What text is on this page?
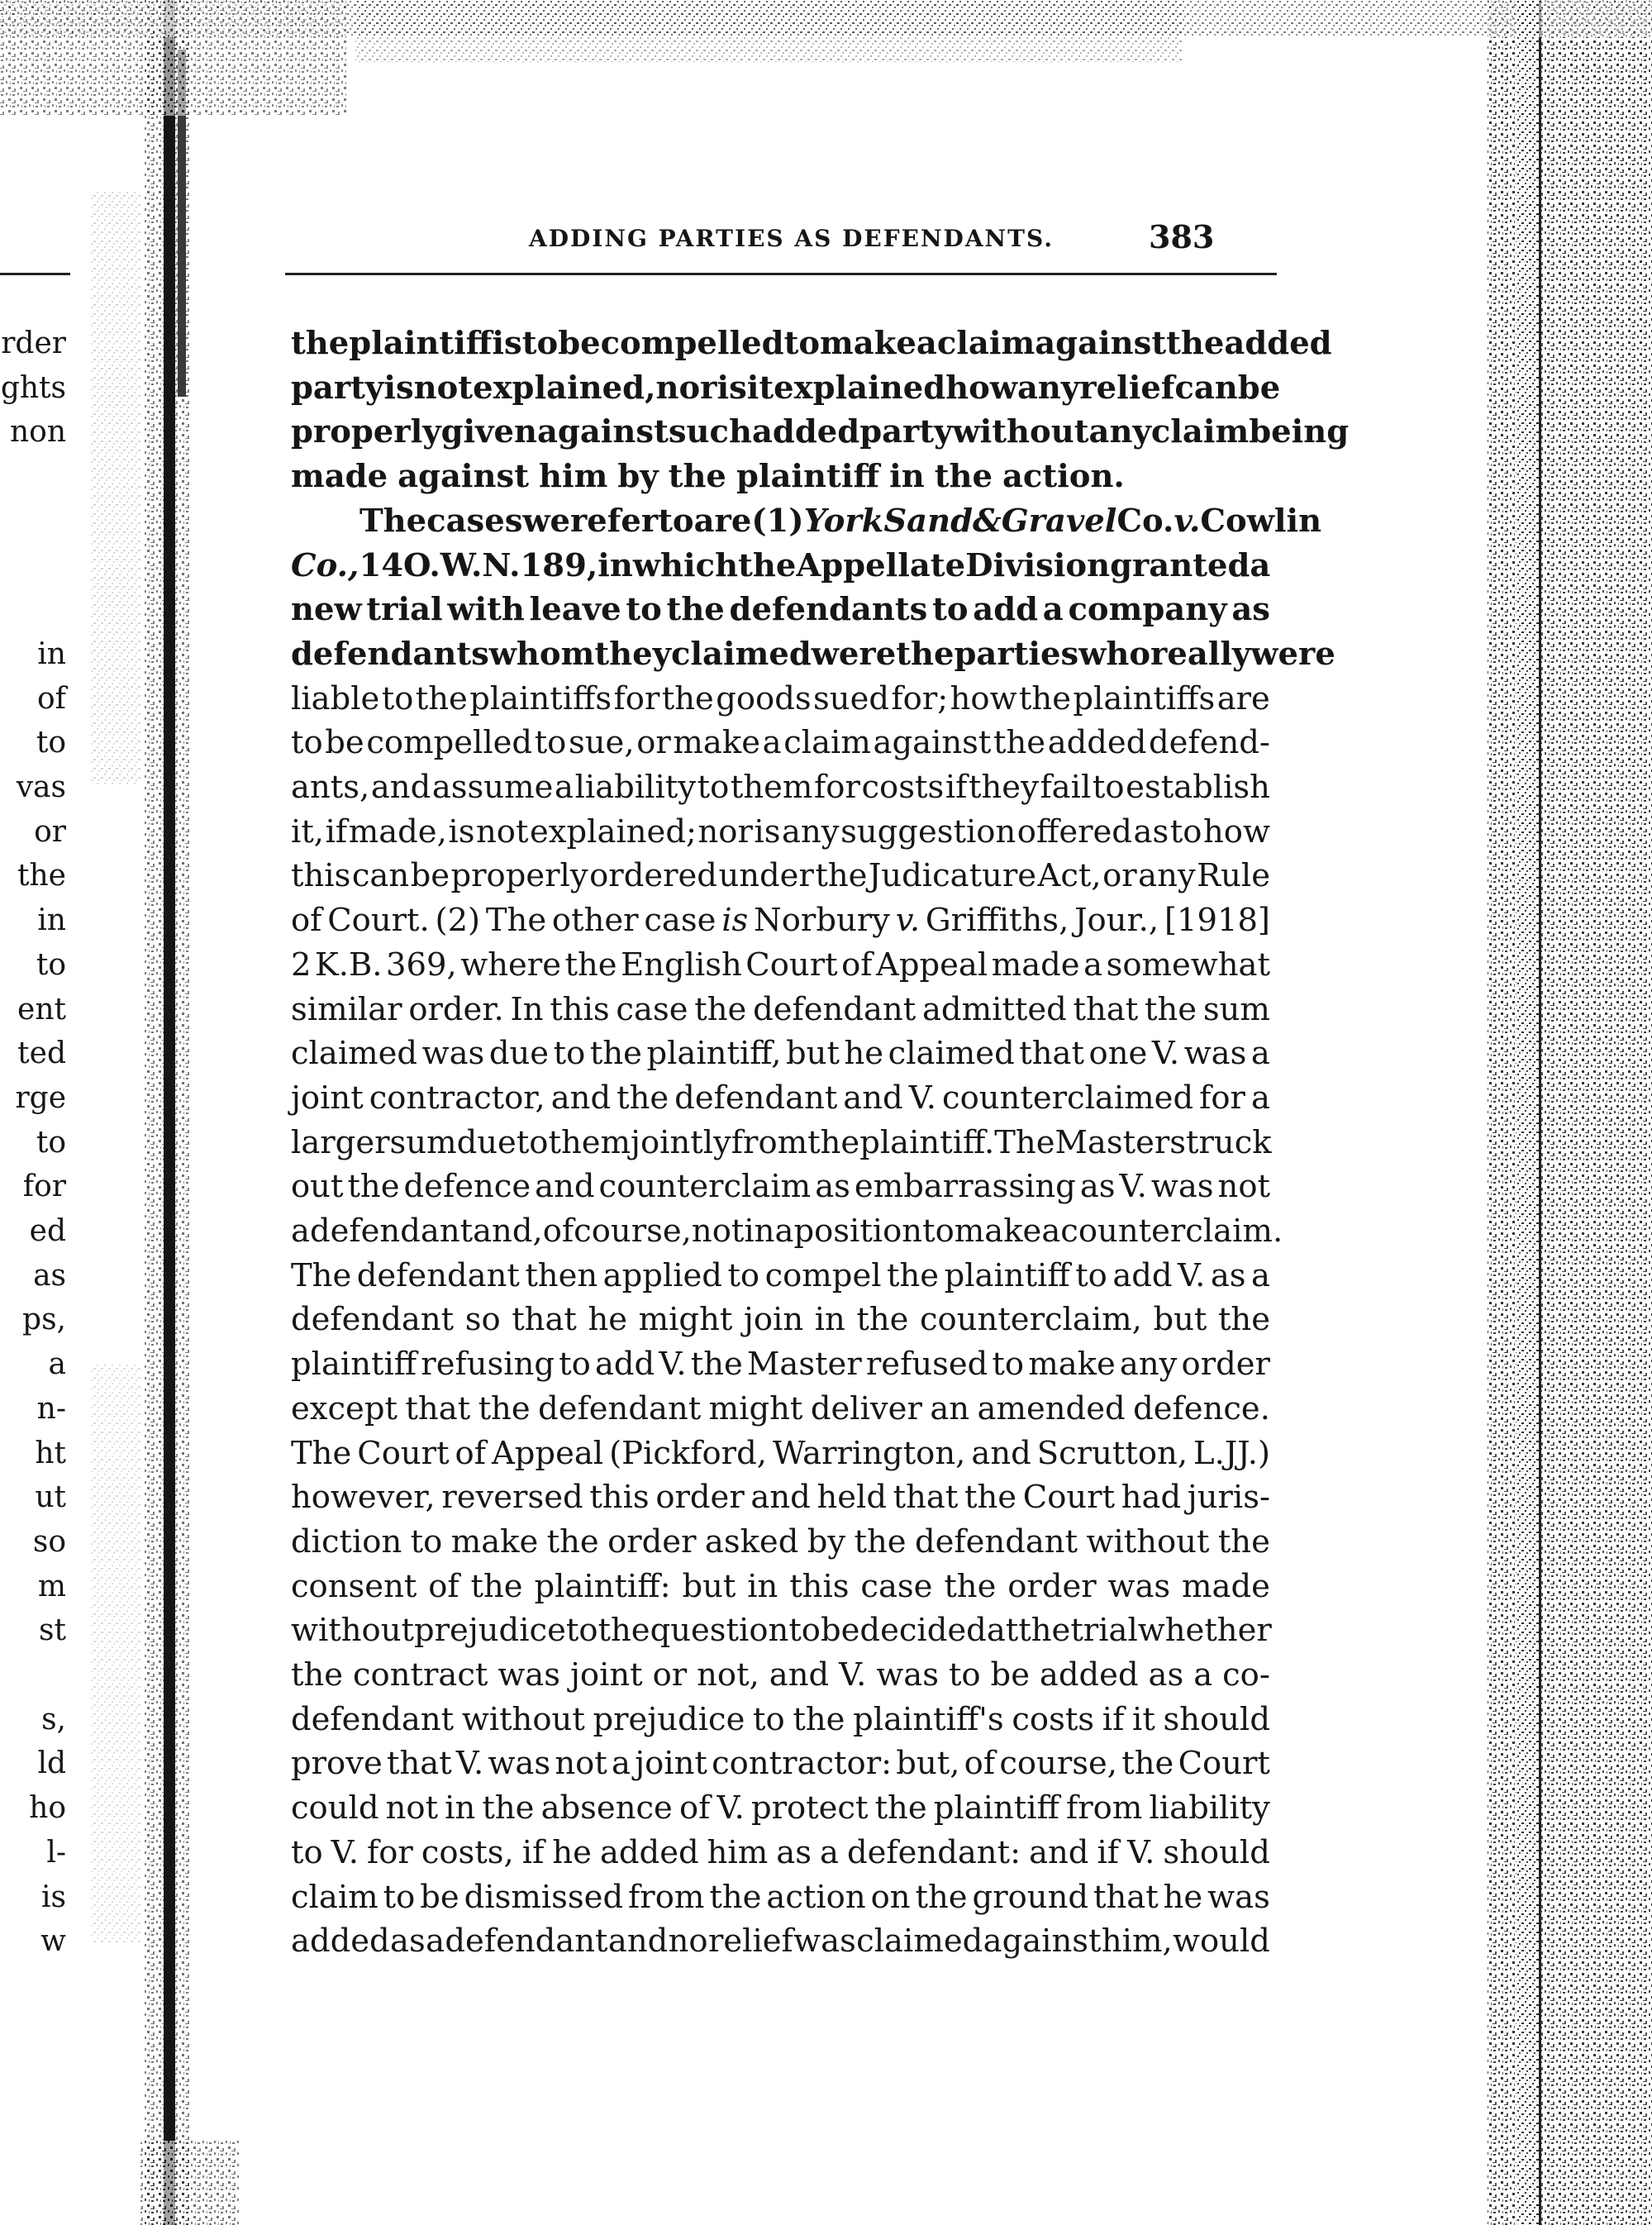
ADDING PARTIES AS DEFENDANTS.	383
rder
ghts
non
in
of
to
vas
or
the
in
to
ent
ted
rge
to
for
ed
as
ps,
a
n-
ht
ut
so
m
st
s,
ld
ho
l-
is
w
the plaintiff is to be compelled to make a claim against the added
party is not explained, nor is it explained how any relief can be
properly given against such added party without any claim being
made against him by the plaintiff in the action.
The cases we refer to are (1) York Sand & Gravel Co. v. Cowlin
Co., 14 O.W.N. 189, in which the Appellate Division granted a
new trial with leave to the defendants to add a company as
defendants whom they claimed were the parties who really were
liable to the plaintiffs for the goods sued for; how the plaintiffs are
to be compelled to sue, or make a claim against the added defend-
ants, and assume a liability to them for costs if they fail to establish
it, if made, is not explained; nor is any suggestion offered as to how
this can be properly ordered under the Judicature Act, or any Rule
of Court. (2) The other case is Norbury v. Griffiths, Jour., [1918]
2 K.B. 369, where the English Court of Appeal made a somewhat
similar order. In this case the defendant admitted that the sum
claimed was due to the plaintiff, but he claimed that one V. was a
joint contractor, and the defendant and V. counterclaimed for a
larger sum due to them jointly from the plaintiff. The Master struck
out the defence and counterclaim as embarrassing as V. was not
a defendant and, of course, not in a position to make a counterclaim.
The defendant then applied to compel the plaintiff to add V. as a
defendant so that he might join in the counterclaim, but the
plaintiff refusing to add V. the Master refused to make any order
except that the defendant might deliver an amended defence.
The Court of Appeal (Pickford, Warrington, and Scrutton, L.JJ.)
however, reversed this order and held that the Court had juris-
diction to make the order asked by the defendant without the
consent of the plaintiff: but in this case the order was made
without prejudice to the question to be decided at the trial whether
the contract was joint or not, and V. was to be added as a co-
defendant without prejudice to the plaintiff's costs if it should
prove that V. was not a joint contractor: but, of course, the Court
could not in the absence of V. protect the plaintiff from liability
to V. for costs, if he added him as a defendant: and if V. should
claim to be dismissed from the action on the ground that he was
added as a defendant and no relief was claimed against him, would
